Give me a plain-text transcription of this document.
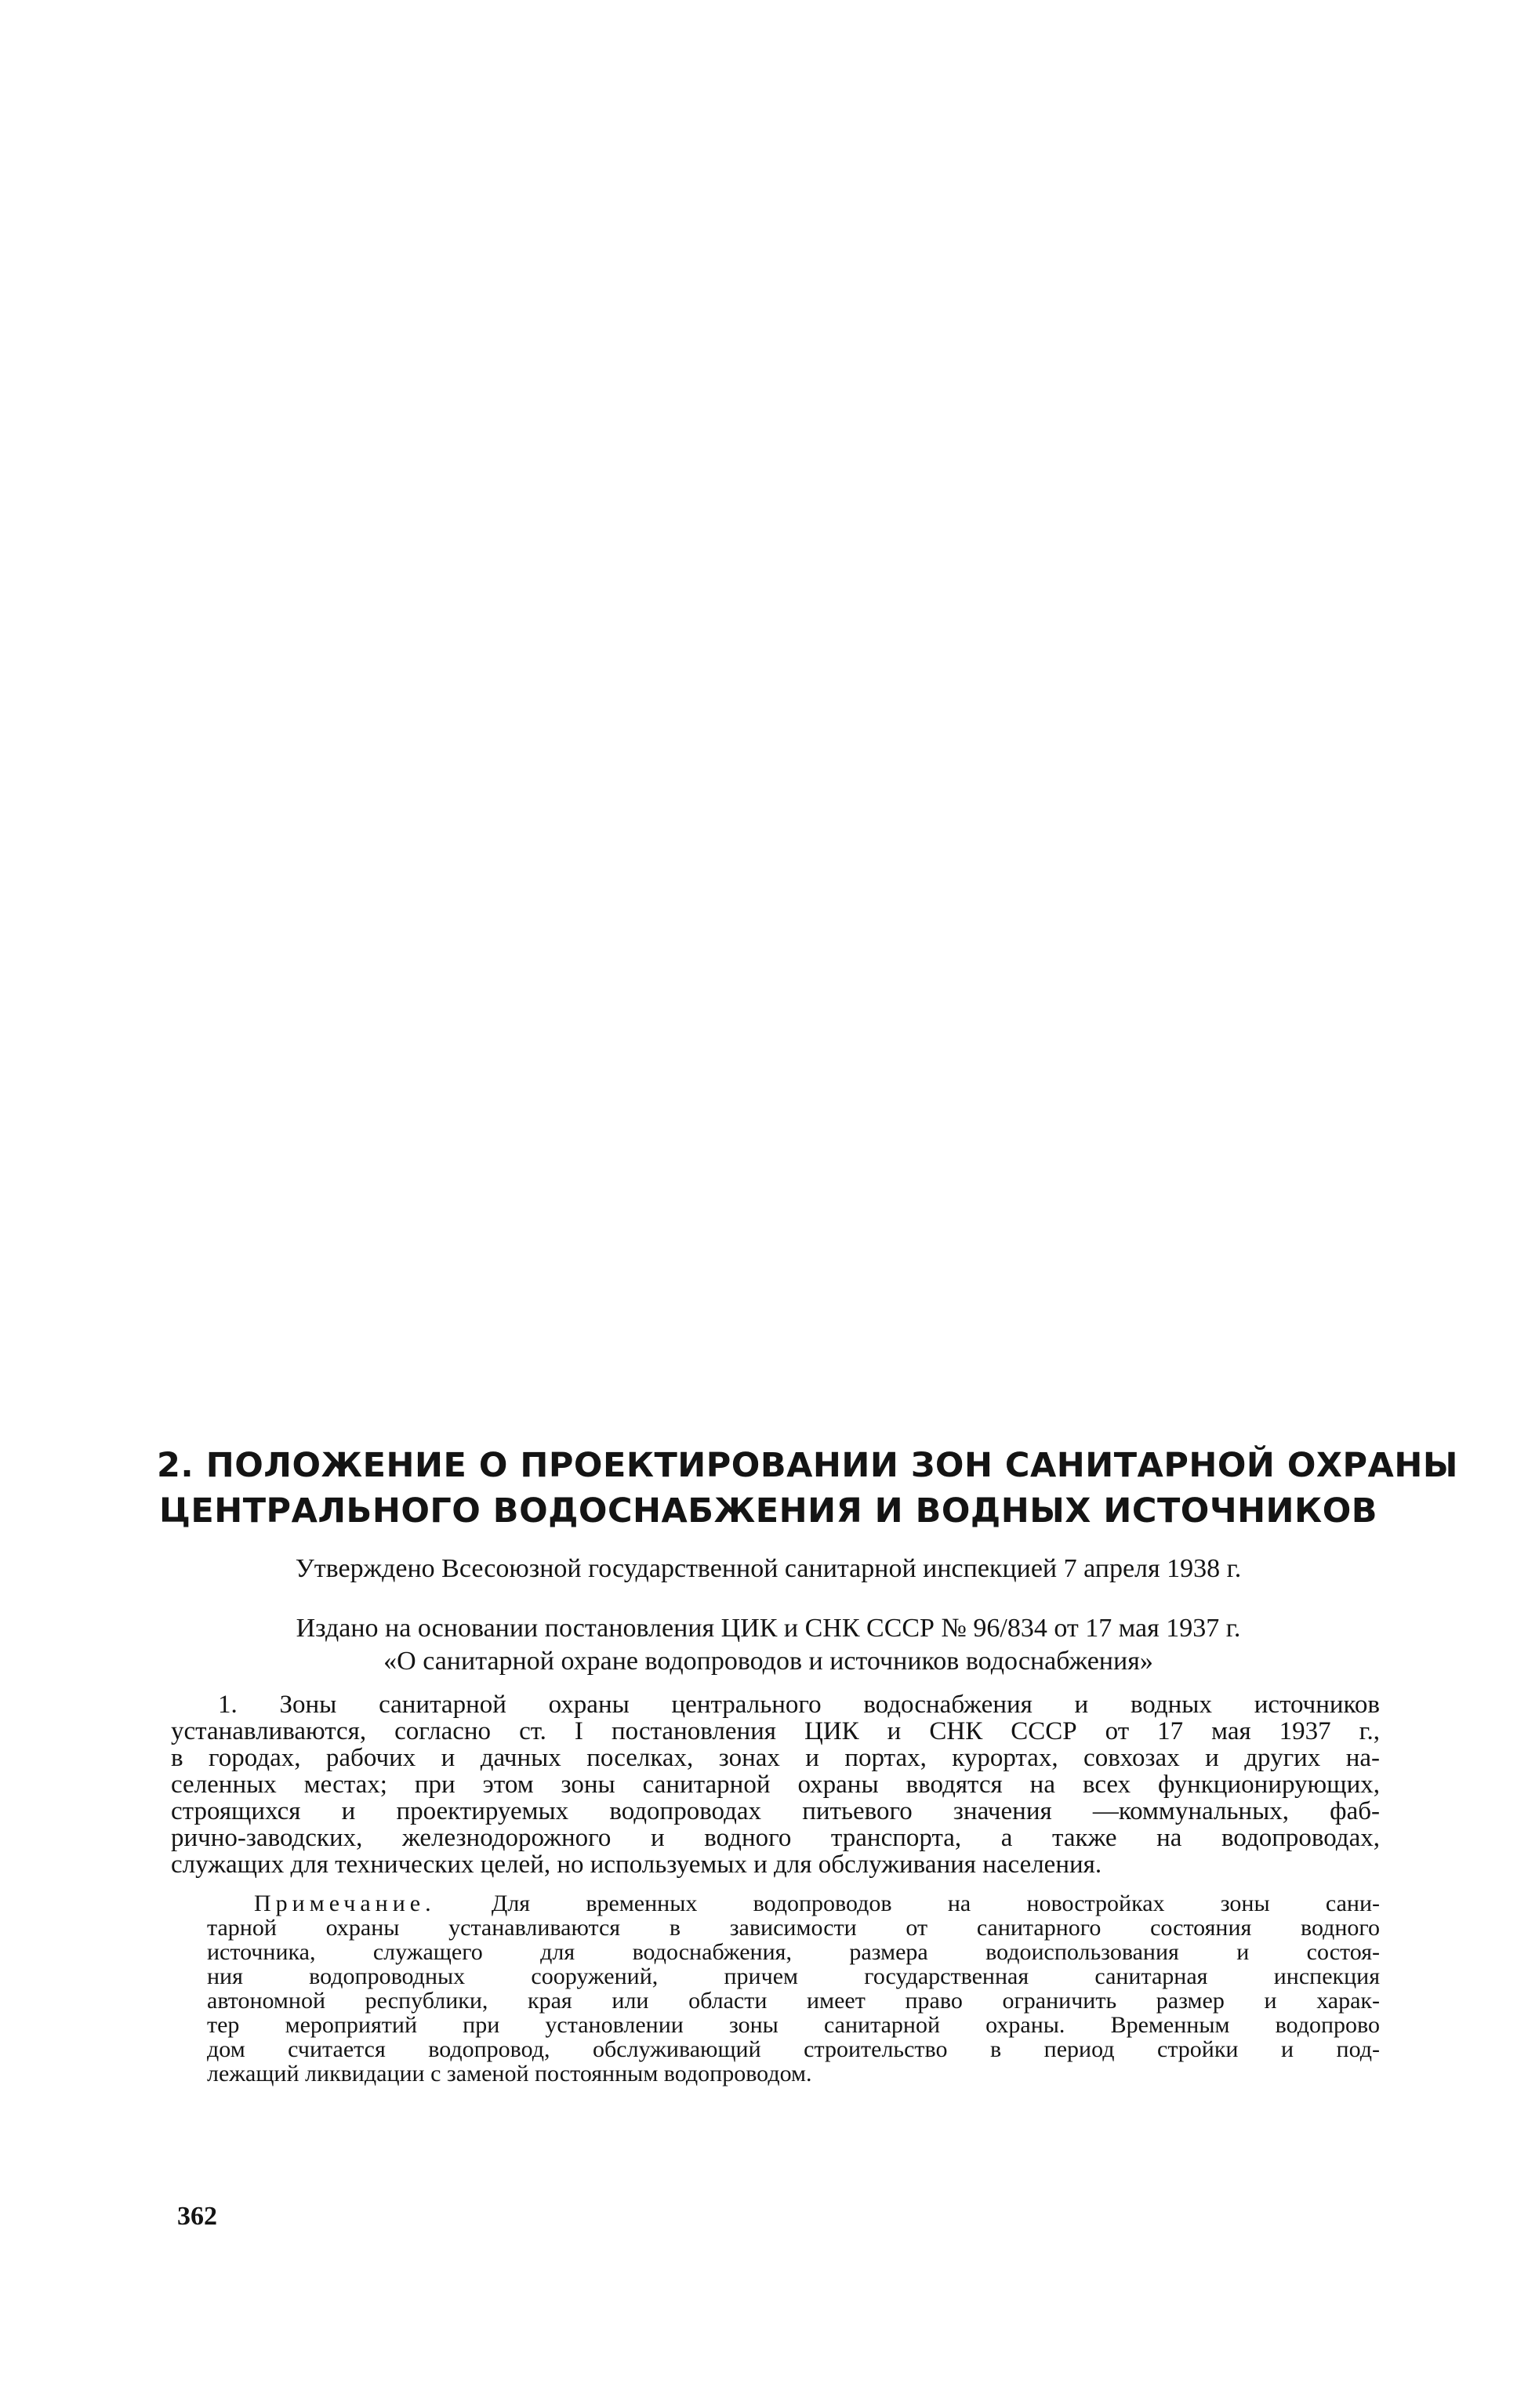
2. ПОЛОЖЕНИЕ О ПРОЕКТИРОВАНИИ ЗОН САНИТАРНОЙ ОХРАНЫ
ЦЕНТРАЛЬНОГО ВОДОСНАБЖЕНИЯ И ВОДНЫХ ИСТОЧНИКОВ
Утверждено Всесоюзной государственной санитарной инспекцией 7 апреля 1938 г.
Издано на основании постановления ЦИК и СНК СССР № 96/834 от 17 мая 1937 г.
«О санитарной охране водопроводов и источников водоснабжения»
1. Зоны санитарной охраны центрального водоснабжения и водных источников
устанавливаются, согласно ст. I постановления ЦИК и СНК СССР от 17 мая 1937 г.,
в городах, рабочих и дачных поселках, зонах и портах, курортах, совхозах и других на-
селенных местах; при этом зоны санитарной охраны вводятся на всех функционирующих,
строящихся и проектируемых водопроводах питьевого значения —коммунальных, фаб-
рично-заводских, железнодорожного и водного транспорта, а также на водопроводах,
служащих для технических целей, но используемых и для обслуживания населения.
Примечание. Для временных водопроводов на новостройках зоны сани-
тарной охраны устанавливаются в зависимости от санитарного состояния водного
источника, служащего для водоснабжения, размера водоиспользования и состоя-
ния водопроводных сооружений, причем государственная санитарная инспекция
автономной республики, края или области имеет право ограничить размер и харак-
тер мероприятий при установлении зоны санитарной охраны. Временным водопрово
дом считается водопровод, обслуживающий строительство в период стройки и под-
лежащий ликвидации с заменой постоянным водопроводом.
362
